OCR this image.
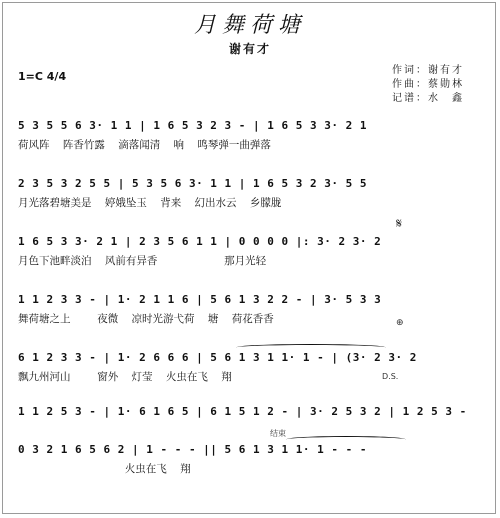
月舞荷塘
谢有才
1=C 4/4	作词：谢有才
作曲：蔡勋林
记谱：水　鑫
5 3 5 5 6 3· 1 1 | 1 6 5 3 2 3 - | 1 6 5 3 3· 2 1
荷风阵    阵香竹露    滴落闻清    响    鸣琴弹一曲弹落
2 3 5 3 2 5 5 | 5 3 5 6 3· 1 1 | 1 6 5 3 2 3· 5 5
月光落碧塘美是    婷娥坠玉    背来    幻出水云    乡朦胧
1 6 5 3 3· 2 1 | 2 3 5 6 1 1 | 0 0 0 0 |: 3· 2 3· 2
月色下池畔淡泊    风前有异香                    那月光轻
𝄋
1 1 2 3 3 - | 1· 2 1 1 6 | 5 6 1 3 2 2 - | 3· 5 3 3
舞荷塘之上        夜微    凉时光游弋荷    塘    荷花香香	⊕
6 1 2 3 3 - | 1· 2 6 6 6 | 5 6 1 3 1 1· 1 - | (3· 2 3· 2
飘九州河山        窗外    灯莹    火虫在飞    翔	D.S.
1 1 2 5 3 - | 1· 6 1 6 5 | 6 1 5 1 2 - | 3· 2 5 3 2 | 1 2 5 3 -
结束
0 3 2 1 6 5 6 2 | 1 - - - || 5 6 1 3 1 1· 1 - - -
火虫在飞    翔
